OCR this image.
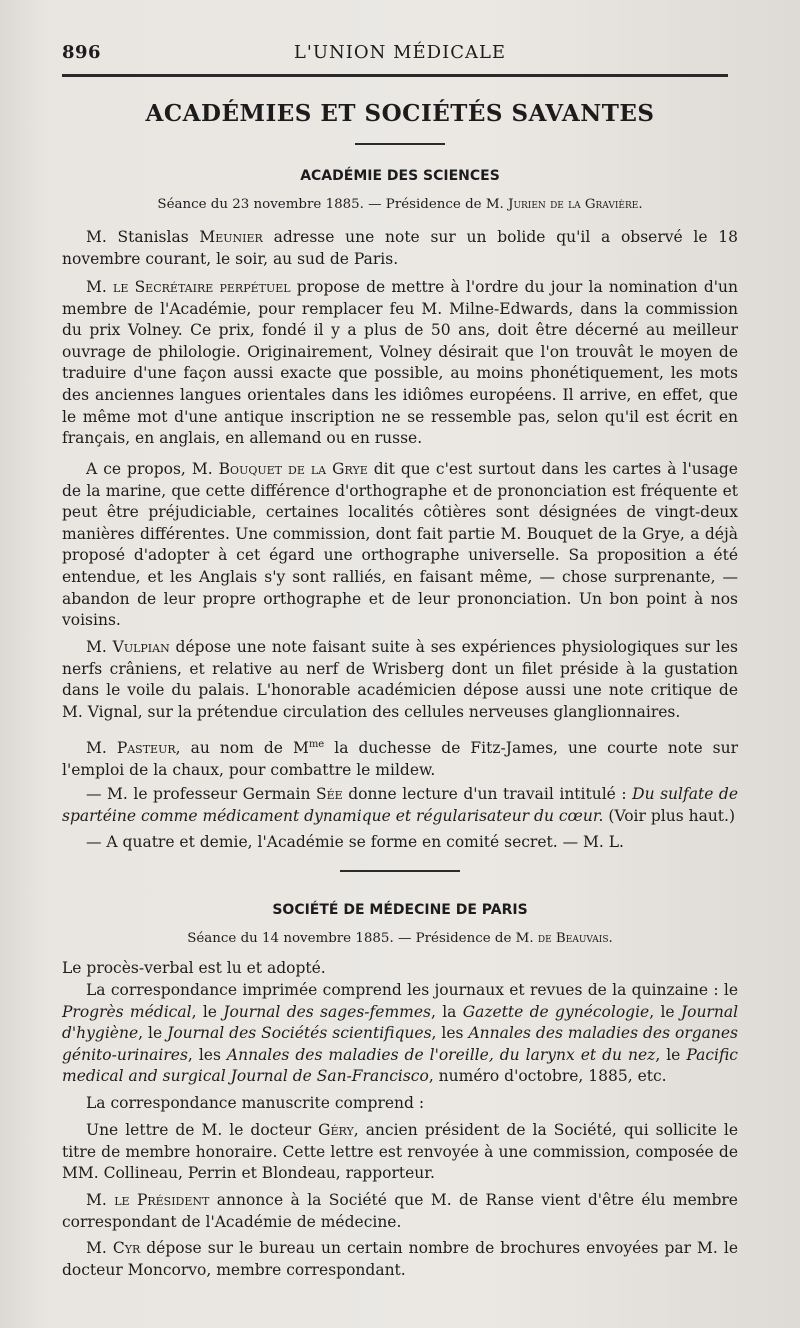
896	L'UNION MÉDICALE
ACADÉMIES ET SOCIÉTÉS SAVANTES
ACADÉMIE DES SCIENCES
Séance du 23 novembre 1885. — Présidence de M. Jurien de la Gravière.
M. Stanislas Meunier adresse une note sur un bolide qu'il a observé le 18 novembre courant, le soir, au sud de Paris.
M. le Secrétaire perpétuel propose de mettre à l'ordre du jour la nomination d'un membre de l'Académie, pour remplacer feu M. Milne-Edwards, dans la commission du prix Volney. Ce prix, fondé il y a plus de 50 ans, doit être décerné au meilleur ouvrage de philologie. Originairement, Volney désirait que l'on trouvât le moyen de traduire d'une façon aussi exacte que possible, au moins phonétiquement, les mots des anciennes langues orientales dans les idiômes européens. Il arrive, en effet, que le même mot d'une antique inscription ne se ressemble pas, selon qu'il est écrit en français, en anglais, en allemand ou en russe.
A ce propos, M. Bouquet de la Grye dit que c'est surtout dans les cartes à l'usage de la marine, que cette différence d'orthographe et de prononciation est fréquente et peut être préjudiciable, certaines localités côtières sont désignées de vingt-deux manières différentes. Une commission, dont fait partie M. Bouquet de la Grye, a déjà proposé d'adopter à cet égard une orthographe universelle. Sa proposition a été entendue, et les Anglais s'y sont ralliés, en faisant même, — chose surprenante, — abandon de leur propre orthographe et de leur prononciation. Un bon point à nos voisins.
M. Vulpian dépose une note faisant suite à ses expériences physiologiques sur les nerfs crâniens, et relative au nerf de Wrisberg dont un filet préside à la gustation dans le voile du palais. L'honorable académicien dépose aussi une note critique de M. Vignal, sur la prétendue circulation des cellules nerveuses glanglionnaires.
M. Pasteur, au nom de $M^{me}$ la duchesse de Fitz-James, une courte note sur l'emploi de la chaux, pour combattre le mildew.
— M. le professeur Germain Sée donne lecture d'un travail intitulé : Du sulfate de spartéine comme médicament dynamique et régularisateur du cœur. (Voir plus haut.)
— A quatre et demie, l'Académie se forme en comité secret. — M. L.
SOCIÉTÉ DE MÉDECINE DE PARIS
Séance du 14 novembre 1885. — Présidence de M. de Beauvais.
Le procès-verbal est lu et adopté.
La correspondance imprimée comprend les journaux et revues de la quinzaine : le Progrès médical, le Journal des sages-femmes, la Gazette de gynécologie, le Journal d'hygiène, le Journal des Sociétés scientifiques, les Annales des maladies des organes génito-urinaires, les Annales des maladies de l'oreille, du larynx et du nez, le Pacific medical and surgical Journal de San-Francisco, numéro d'octobre, 1885, etc.
La correspondance manuscrite comprend :
Une lettre de M. le docteur Géry, ancien président de la Société, qui sollicite le titre de membre honoraire. Cette lettre est renvoyée à une commission, composée de MM. Collineau, Perrin et Blondeau, rapporteur.
M. le Président annonce à la Société que M. de Ranse vient d'être élu membre correspondant de l'Académie de médecine.
M. Cyr dépose sur le bureau un certain nombre de brochures envoyées par M. le docteur Moncorvo, membre correspondant.
